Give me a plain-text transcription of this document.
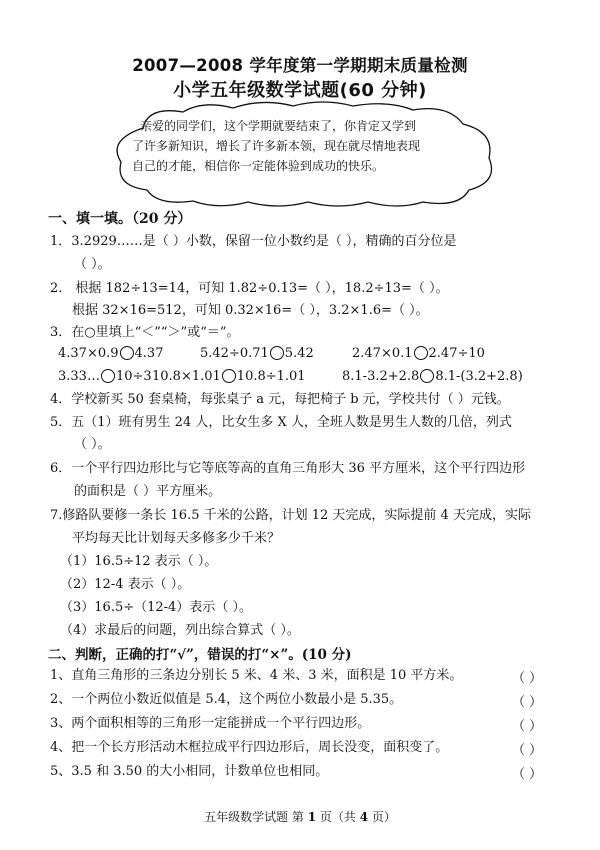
2007—2008 学年度第一学期期末质量检测
小学五年级数学试题(60 分钟)
亲爱的同学们，这个学期就要结束了，你肯定又学到
了许多新知识，增长了许多新本领，现在就尽情地表现
自己的才能，相信你一定能体验到成功的快乐。
一、填一填。（20 分）
1．3.2929……是（ ）小数，保留一位小数约是（ ），精确的百分位是
（ ）。
2． 根据 182÷13=14，可知 1.82÷0.13=（ ），18.2÷13=（ ）。
根据 32×16=512，可知 0.32×16=（ ），3.2×1.6=（ ）。
3．在○里填上“＜”“＞”或“＝”。
4.37×0.9 4.37	5.42÷0.71 5.42	2.47×0.1 2.47÷10
3.33… 10÷3 10.8×1.01 10.8÷1.01	8.1-3.2+2.8 8.1-(3.2+2.8)
4．学校新买 50 套桌椅，每张桌子 a 元，每把椅子 b 元，学校共付（ ）元钱。
5．五（1）班有男生 24 人，比女生多 X 人，全班人数是男生人数的几倍，列式
（ ）。
6．一个平行四边形比与它等底等高的直角三角形大 36 平方厘米，这个平行四边形
的面积是（ ）平方厘米。
7.修路队要修一条长 16.5 千米的公路，计划 12 天完成，实际提前 4 天完成，实际
平均每天比计划每天多修多少千米？
（1）16.5÷12 表示（ ）。
（2）12-4 表示（ ）。
（3）16.5÷（12-4）表示（ ）。
（4）求最后的问题，列出综合算式（ ）。
二、判断，正确的打“√”，错误的打“×”。(10 分)
1、直角三角形的三条边分别长 5 米、4 米、3 米，面积是 10 平方米。	（ ）
2、一个两位小数近似值是 5.4，这个两位小数最小是 5.35。	（ ）
3、两个面积相等的三角形一定能拼成一个平行四边形。	（ ）
4、把一个长方形活动木框拉成平行四边形后，周长没变，面积变了。	（ ）
5、3.5 和 3.50 的大小相同，计数单位也相同。	（ ）
五年级数学试题 第 1 页（共 4 页）
